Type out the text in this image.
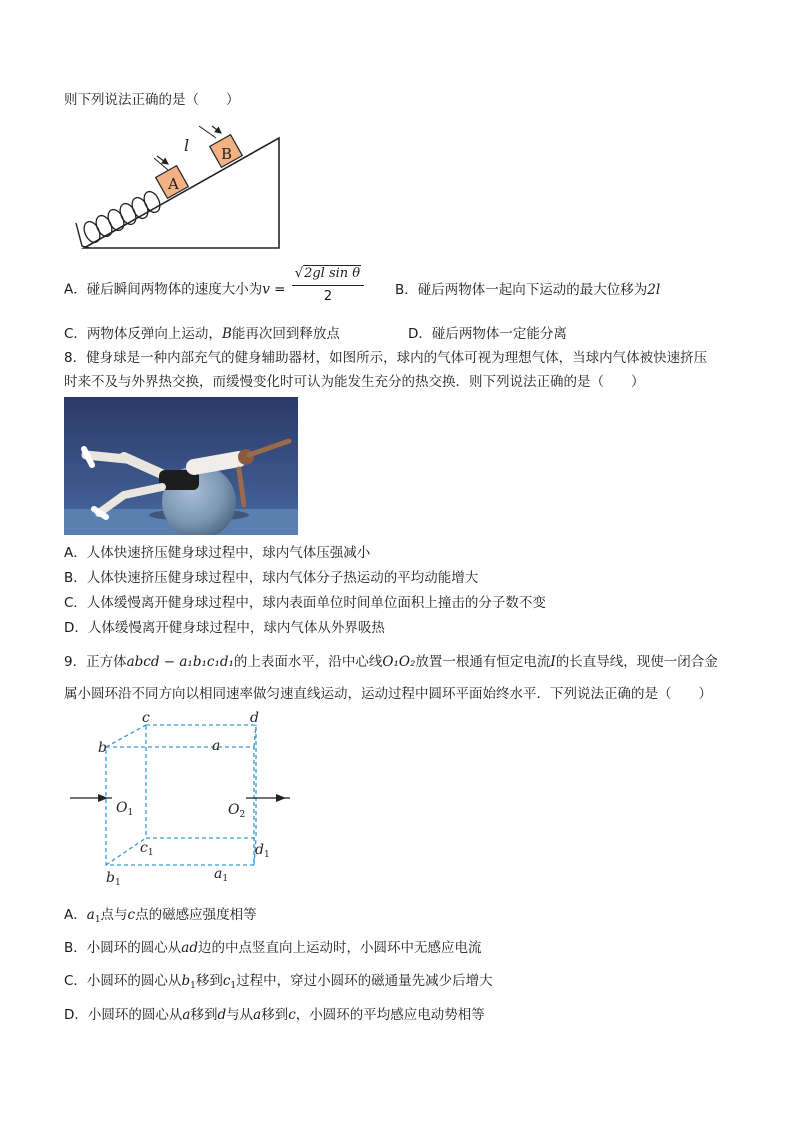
则下列说法正确的是（　　）
A
B
l
A．碰后瞬间两物体的速度大小为$v = \frac{\text{√2gl sin θ}}{2}$ B．碰后两物体一起向下运动的最大位移为2l
C．两物体反弹向上运动，B能再次回到释放点	D．碰后两物体一定能分离
8．健身球是一种内部充气的健身辅助器材，如图所示，球内的气体可视为理想气体，当球内气体被快速挤压
时来不及与外界热交换，而缓慢变化时可认为能发生充分的热交换．则下列说法正确的是（　　）
A．人体快速挤压健身球过程中，球内气体压强减小
B．人体快速挤压健身球过程中，球内气体分子热运动的平均动能增大
C．人体缓慢离开健身球过程中，球内表面单位时间单位面积上撞击的分子数不变
D．人体缓慢离开健身球过程中，球内气体从外界吸热
9．正方体abcd − a₁b₁c₁d₁的上表面水平，沿中心线O₁O₂放置一根通有恒定电流I的长直导线，现使一闭合金
属小圆环沿不同方向以相同速率做匀速直线运动，运动过程中圆环平面始终水平．下列说法正确的是（　　）
c	d
b	a
$O_1$	$O_2$
$c_1$	$d_1$
$b_1$
$a_1$
A．$a_1$点与c点的磁感应强度相等
B．小圆环的圆心从ad边的中点竖直向上运动时，小圆环中无感应电流
C．小圆环的圆心从$b_1$移到$c_1$过程中，穿过小圆环的磁通量先减少后增大
D．小圆环的圆心从a移到d与从a移到c，小圆环的平均感应电动势相等
